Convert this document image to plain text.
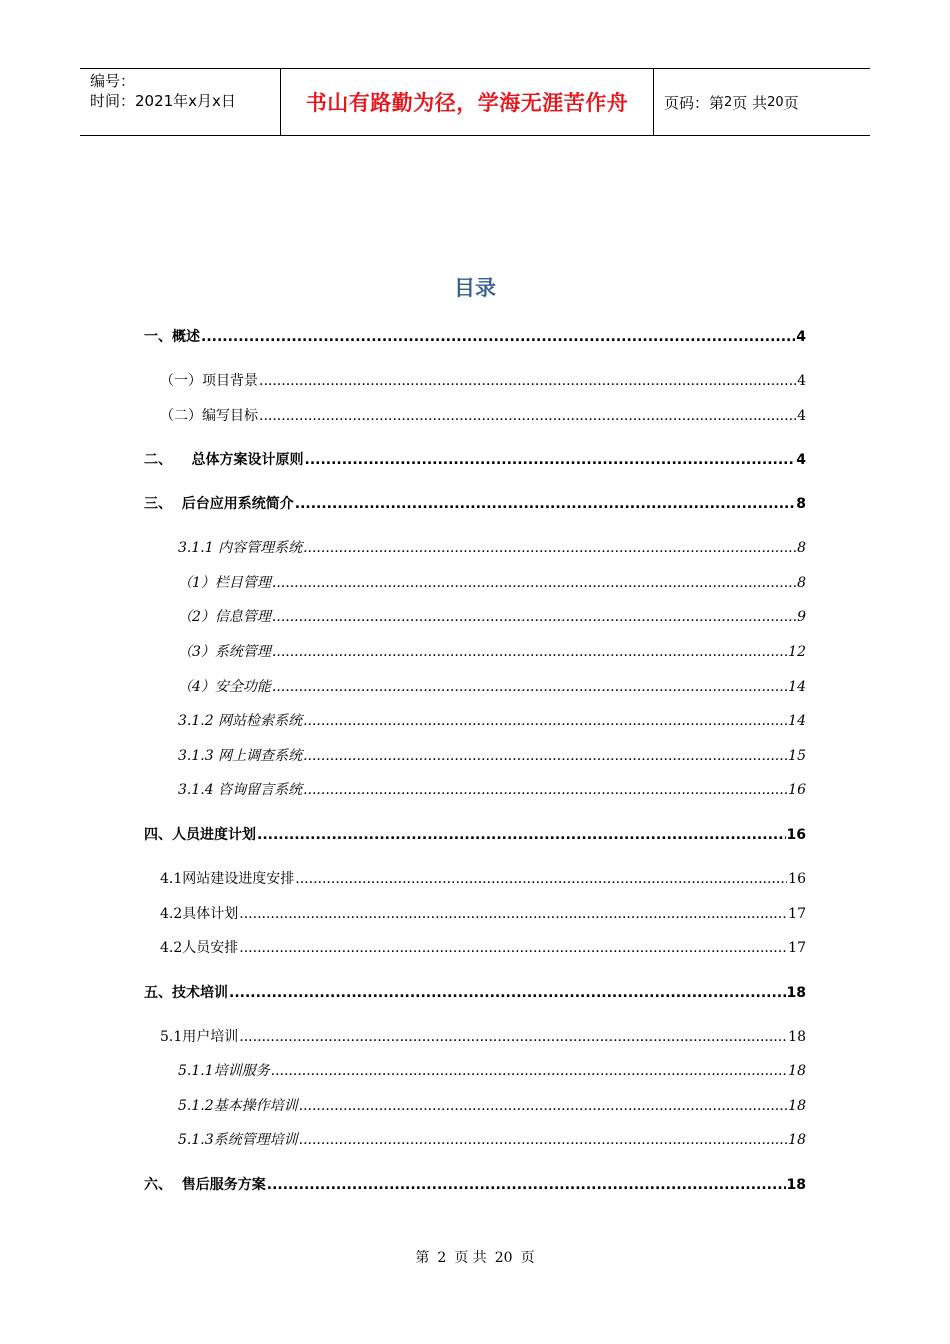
编号：
时间：2021年x月x日	书山有路勤为径，学海无涯苦作舟	页码：第 2 页 共 20 页
目录
一、概述 .....	4
（一）项目背景 .....	4
（二）编写目标 .....	4
二、    总体方案设计原则 .....	4
三、  后台应用系统简介 .....	8
3.1.1 内容管理系统 .....	8
（1）栏目管理 .....	8
（2）信息管理 .....	9
（3）系统管理 .....	12
（4）安全功能 .....	14
3.1.2 网站检索系统 .....	14
3.1.3 网上调查系统 .....	15
3.1.4 咨询留言系统 .....	16
四、人员进度计划 .....	16
4.1网站建设进度安排 .....	16
4.2具体计划 .....	17
4.2人员安排 .....	17
五、技术培训 .....	18
5.1用户培训 .....	18
5.1.1培训服务 .....	18
5.1.2基本操作培训 .....	18
5.1.3系统管理培训 .....	18
六、  售后服务方案 .....	18
第 2 页 共 20 页
